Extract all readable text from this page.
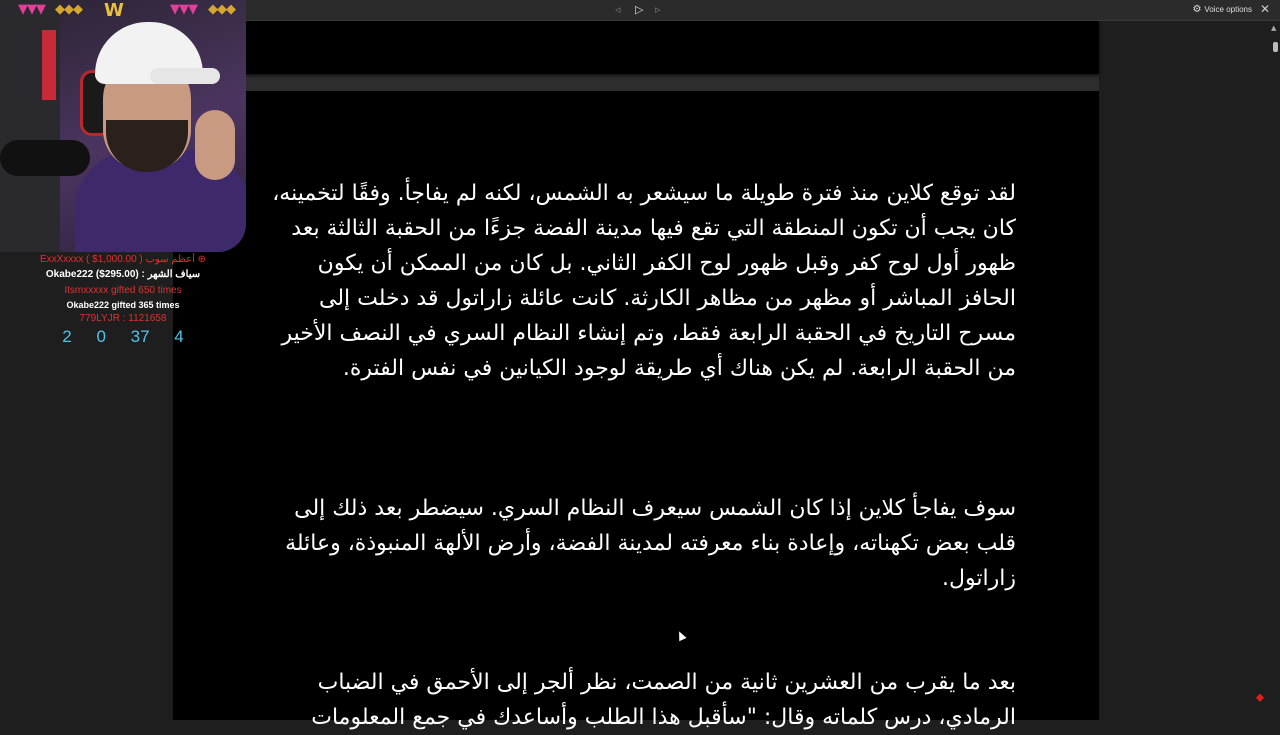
◃ ▷ ▹	⚙ Voice options ✕
لقد توقع كلاين منذ فترة طويلة ما سيشعر به الشمس، لكنه لم يفاجأ. وفقًا لتخمينه، كان يجب أن تكون المنطقة التي تقع فيها مدينة الفضة جزءًا من الحقبة الثالثة بعد ظهور أول لوح كفر وقبل ظهور لوح الكفر الثاني. بل كان من الممكن أن يكون الحافز المباشر أو مظهر من مظاهر الكارثة. كانت عائلة زاراتول قد دخلت إلى مسرح التاريخ في الحقبة الرابعة فقط، وتم إنشاء النظام السري في النصف الأخير من الحقبة الرابعة. لم يكن هناك أي طريقة لوجود الكيانين في نفس الفترة.
سوف يفاجأ كلاين إذا كان الشمس سيعرف النظام السري. سيضطر بعد ذلك إلى قلب بعض تكهناته، وإعادة بناء معرفته لمدينة الفضة، وأرض الألهة المنبوذة، وعائلة زاراتول.
بعد ما يقرب من العشرين ثانية من الصمت، نظر ألجر إلى الأحمق في الضباب الرمادي، درس كلماته وقال: "سأقبل هذا الطلب وأساعدك في جمع المعلومات
▲
⬥
▼▼▼ ◆◆◆ W	▼▼▼ ◆◆◆
ExxXxxxx ( $1,000.00 ) أعظم سوب ⊕
Okabe222 ($295.00) : سياف الشهر
Itsmxxxxx gifted 650 times
Okabe222 gifted 365 times
779LYJR : 1121658
2 0 37 4
